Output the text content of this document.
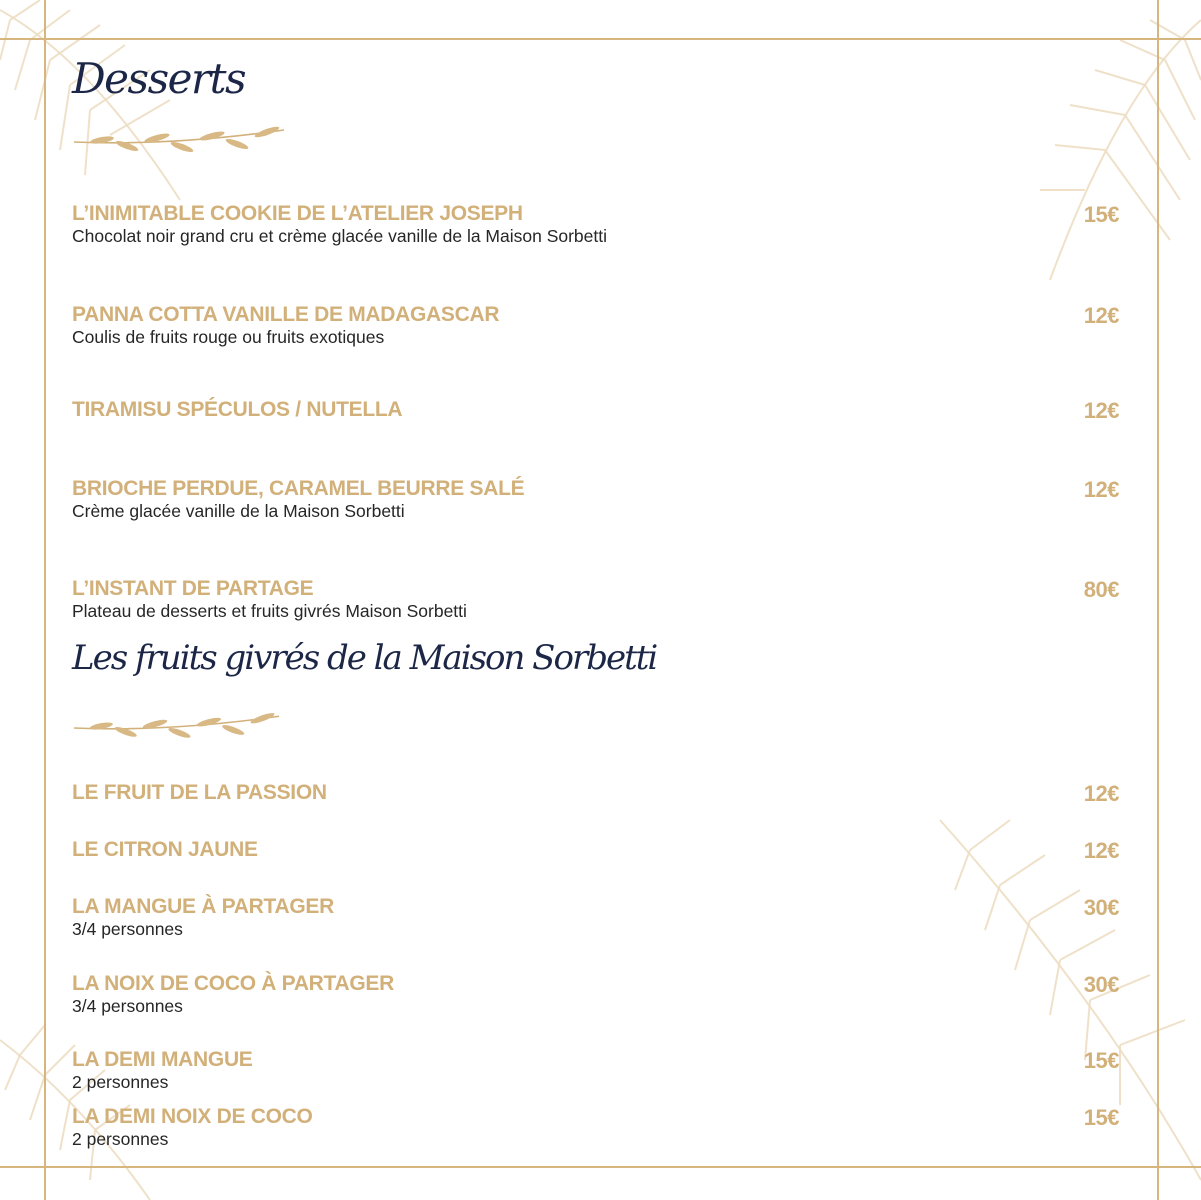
Desserts
L’INIMITABLE COOKIE DE L’ATELIER JOSEPH
Chocolat noir grand cru et crème glacée vanille de la Maison Sorbetti
15€
PANNA COTTA VANILLE DE MADAGASCAR
Coulis de fruits rouge ou fruits exotiques
12€
TIRAMISU SPÉCULOS / NUTELLA	12€
BRIOCHE PERDUE, CARAMEL BEURRE SALÉ
Crème glacée vanille de la Maison Sorbetti
12€
L’INSTANT DE PARTAGE
Plateau de desserts et fruits givrés Maison Sorbetti
80€
Les fruits givrés de la Maison Sorbetti
LE FRUIT DE LA PASSION	12€
LE CITRON JAUNE	12€
LA MANGUE À PARTAGER
3/4 personnes
30€
LA NOIX DE COCO À PARTAGER
3/4 personnes
30€
LA DEMI MANGUE
2 personnes
15€
LA DEMI NOIX DE COCO
2 personnes
15€
